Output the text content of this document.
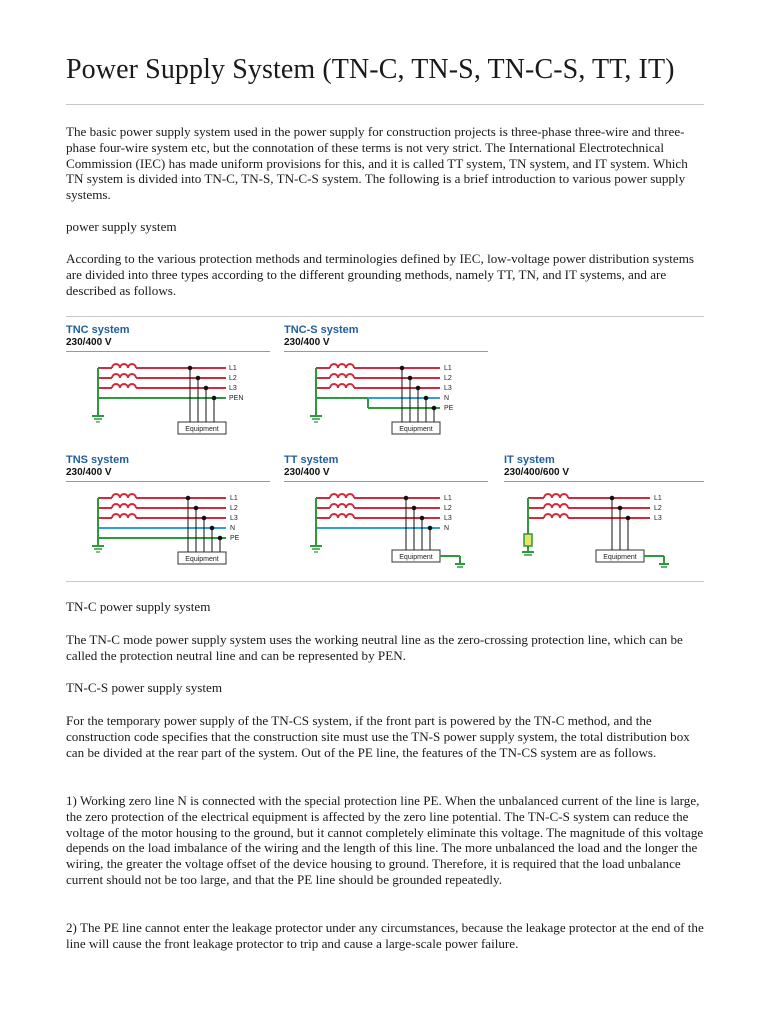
Power Supply System (TN-C, TN-S, TN-C-S, TT, IT)

The basic power supply system used in the power supply for construction projects is three-phase three-wire and three-phase four-wire system etc, but the connotation of these terms is not very strict. The International Electrotechnical Commission (IEC) has made uniform provisions for this, and it is called TT system, TN system, and IT system. Which TN system is divided into TN-C, TN-S, TN-C-S system. The following is a brief introduction to various power supply systems.

power supply system

According to the various protection methods and terminologies defined by IEC, low-voltage power distribution systems are divided into three types according to the different grounding methods, namely TT, TN, and IT systems, and are described as follows.

TNC system
230/400 V
Equipment
L1
L2
L3
PEN
TNC-S system
230/400 V
Equipment
L1
L2
L3
N
PE
TNS system
230/400 V
Equipment
L1
L2
L3
N
PE
TT system
230/400 V
Equipment
L1
L2
L3
N
IT system
230/400/600 V
Equipment
L1
L2
L3

TN-C power supply system

The TN-C mode power supply system uses the working neutral line as the zero-crossing protection line, which can be called the protection neutral line and can be represented by PEN.

TN-C-S power supply system

For the temporary power supply of the TN-CS system, if the front part is powered by the TN-C method, and the construction code specifies that the construction site must use the TN-S power supply system, the total distribution box can be divided at the rear part of the system. Out of the PE line, the features of the TN-CS system are as follows.

1) Working zero line N is connected with the special protection line PE. When the unbalanced current of the line is large, the zero protection of the electrical equipment is affected by the zero line potential. The TN-C-S system can reduce the voltage of the motor housing to the ground, but it cannot completely eliminate this voltage. The magnitude of this voltage depends on the load imbalance of the wiring and the length of this line. The more unbalanced the load and the longer the wiring, the greater the voltage offset of the device housing to ground. Therefore, it is required that the load unbalance current should not be too large, and that the PE line should be grounded repeatedly.

2) The PE line cannot enter the leakage protector under any circumstances, because the leakage protector at the end of the line will cause the front leakage protector to trip and cause a large-scale power failure.
